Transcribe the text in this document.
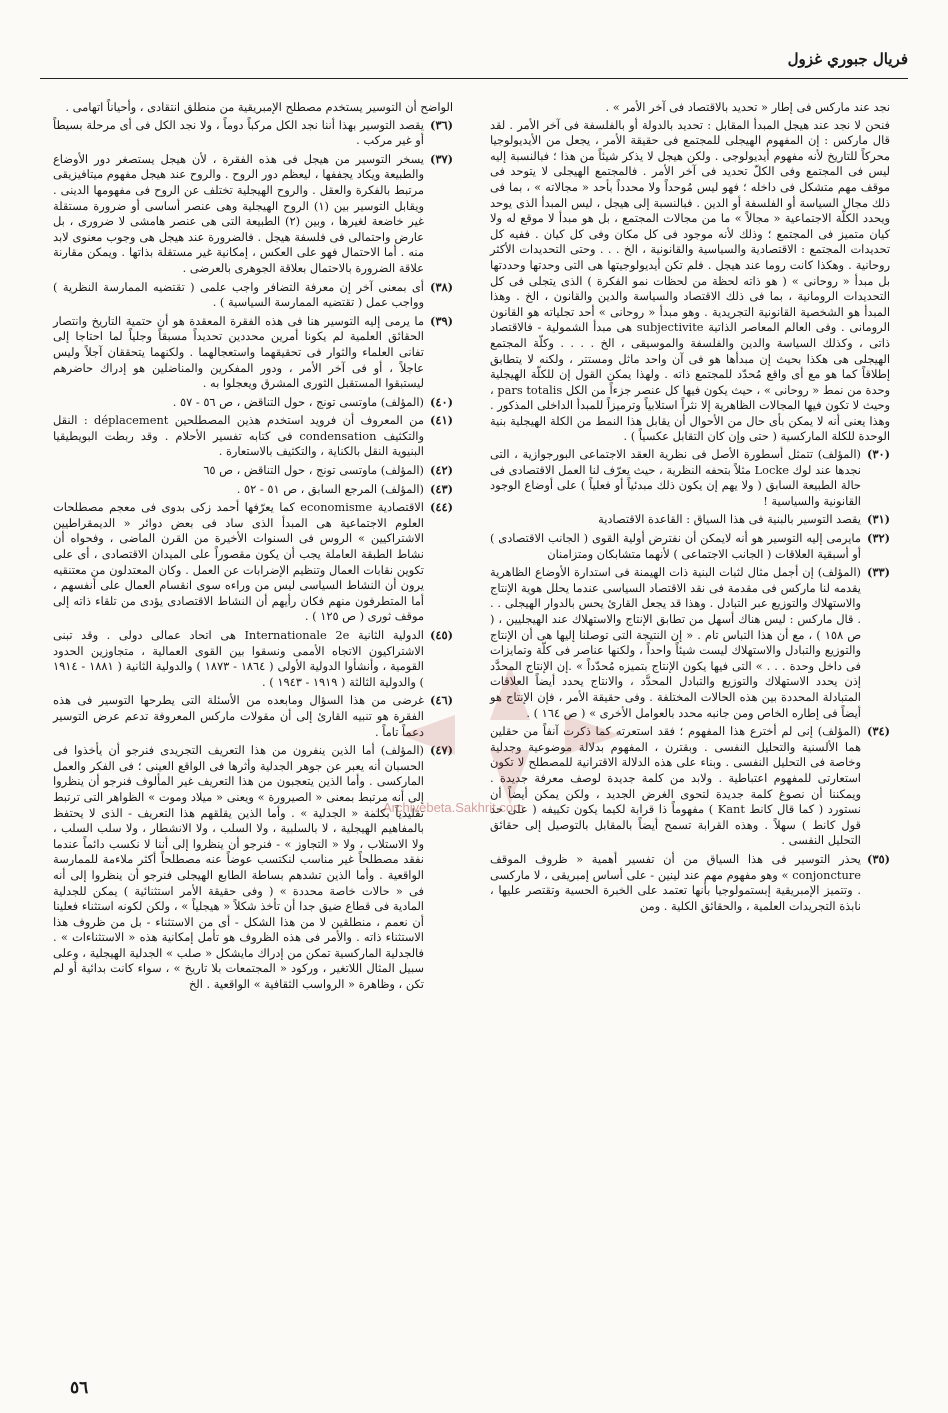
فريال جبوري غزول

نجد عند ماركس فى إطار « تحديد بالاقتصاد فى آخر الأمر » .

فنحن لا نجد عند هيجل المبدأ المقابل : تحديد بالدولة أو بالفلسفة فى آخر الأمر . لقد قال ماركس : إن المفهوم الهيجلى للمجتمع فى حقيقة الأمر ، يجعل من الأيديولوجيا محركاً للتاريخ لأنه مفهوم أيديولوجى . ولكن هيجل لا يذكر شيئاً من هذا ؛ فبالنسبة إليه ليس فى المجتمع وفى الكلّ تحديد فى آخر الأمر . فالمجتمع الهيجلى لا يتوحد فى موقف مهم متشكل فى داخله ؛ فهو ليس مُوحداً ولا محدداً بأحد « مجالاته » ، بما فى ذلك مجال السياسة أو الفلسفة أو الدين . فبالنسبة إلى هيجل ، ليس المبدأ الذى يوحد ويحدد الكلّة الاجتماعية « مجالاً » ما من مجالات المجتمع ، بل هو مبدأ لا موقع له ولا كيان متميز فى المجتمع ؛ وذلك لأنه موجود فى كل مكان وفى كل كيان . ففيه كل تحديدات المجتمع : الاقتصادية والسياسية والقانونية ، الخ . . . وحتى التحديدات الأكثر روحانية . وهكذا كانت روما عند هيجل . فلم تكن أيديولوجيتها هى التى وحدتها وحددتها بل مبدأ « روحانى » ( هو ذاته لحظة من لحظات نمو الفكرة ) الذى يتجلى فى كل التحديدات الرومانية ، بما فى ذلك الاقتصاد والسياسة والدين والقانون ، الخ . وهذا المبدأ هو الشخصية القانونية التجريدية . وهو مبدأ « روحانى » أحد تجلياته هو القانون الرومانى . وفى العالم المعاصر الذاتية subjectivite هى مبدأ الشمولية - فالاقتصاد ذاتى ، وكذلك السياسة والدين والفلسفة والموسيقى ، الخ . . . . وكلّة المجتمع الهيجلى هى هكذا بحيث إن مبدأها هو فى آن واحد ماثل ومستتر ، ولكنه لا يتطابق إطلاقاً كما هو مع أى واقع مُحدّد للمجتمع ذاته . ولهذا يمكن القول إن للكلّة الهيجلية وحدة من نمط « روحانى » ، حيث يكون فيها كل عنصر جزءاً من الكل pars totalis ، وحيث لا تكون فيها المجالات الظاهرية إلا نثراً استلابياً وترميزاً للمبدأ الداخلى المذكور . وهذا يعنى أنه لا يمكن بأى حال من الأحوال أن يقابل هذا النمط من الكلة الهيجلية بنية الوحدة للكلة الماركسية ( حتى وإن كان التقابل عكسياً ) .

(٣٠)
(المؤلف) تتمثل أسطورة الأصل فى نظرية العقد الاجتماعى البورجوازية ، التى نجدها عند لوك Locke مثلاً بتحفه النظرية ، حيث يعرّف لنا العمل الاقتصادى فى حالة الطبيعة السابق ( ولا يهم إن يكون ذلك مبدئياً أو فعلياً ) على أوضاع الوجود القانونية والسياسية !
(٣١)
يقصد التوسير بالبنية فى هذا السياق : القاعدة الاقتصادية
(٣٢)
مايرمى إليه التوسير هو أنه لايمكن أن نفترض أولية القوى ( الجانب الاقتصادى ) أو أسبقية العلاقات ( الجانب الاجتماعى ) لأنهما متشابكان ومتزامنان
(٣٣)
(المؤلف) إن أجمل مثال لثبات البنية ذات الهيمنة فى استدارة الأوضاع الظاهرية يقدمه لنا ماركس فى مقدمة فى نقد الاقتصاد السياسى عندما يحلل هوية الإنتاج والاستهلاك والتوزيع عبر التبادل . وهذا قد يجعل القارئ يحس بالدوار الهيجلى . . . قال ماركس : ليس هناك أسهل من تطابق الإنتاج والاستهلاك عند الهيجليين ، ( ص ١٥٨ ) ، مع أن هذا التباس تام . « إن النتيجة التى توصلنا إليها هى أن الإنتاج والتوزيع والتبادل والاستهلاك ليست شيئاً واحداً ، ولكنها عناصر فى كلّة وتمايزات فى داخل وحدة . . . » التى فيها يكون الإنتاج بتميزه مُحدّداً » .إن الإنتاج المحدَّد إذن يحدد الاستهلاك والتوزيع والتبادل المحدَّد ، والانتاج يحدد أيضاً العلاقات المتبادلة المحددة بين هذه الحالات المختلفة . وفى حقيقة الأمر ، فإن الإنتاج هو أيضاً فى إطاره الخاص ومن جانبه محدد بالعوامل الأخرى » ( ص ١٦٤ ) .
(٣٤)
(المؤلف) إنى لم أخترع هذا المفهوم ؛ فقد استعرته كما ذكرت آنفاً من حقلين هما الألسنية والتحليل النفسى . وبقترن ، المفهوم بدلالة موضوعية وجدلية وخاصة فى التحليل النفسى . وبناء على هذه الدلالة الاقترانية للمصطلح لا تكون استعارتى للمفهوم اعتباطية . ولابد من كلمة جديدة لوصف معرفة جديدة . ويمكننا أن نصوغ كلمة جديدة لتحوى الغرض الجديد ، ولكن يمكن أيضاً أن نستورد ( كما قال كانط Kant ) مفهوماً ذا قرابة لكيما يكون تكييفه ( على حد قول كانط ) سهلاً . وهذه القرابة تسمح أيضاً بالمقابل بالتوصيل إلى حقائق التحليل النفسى .
(٣٥)
يحذر التوسير فى هذا السياق من أن تفسير أهمية « ظروف الموقف conjoncture » وهو مفهوم مهم عند لينين - على أساس إمبريقى ، لا ماركسى . وتتميز الإمبريقية إبستمولوجيا بأنها تعتمد على الخبرة الحسية وتقتصر عليها ، نابذة التجريدات العلمية ، والحقائق الكلية . ومن

الواضح أن التوسير يستخدم مصطلح الإمبريقية من منطلق انتقادى ، وأحياناً اتهامى .

(٣٦)
يقصد التوسير بهذا أننا نجد الكل مركباً دوماً ، ولا نجد الكل فى أى مرحلة بسيطاً أو غير مركب .
(٣٧)
يسخر التوسير من هيجل فى هذه الفقرة ، لأن هيجل يستصغر دور الأوضاع والطبيعة ويكاد يجففها ، ليعظم دور الروح . والروح عند هيجل مفهوم ميتافيزيقى مرتبط بالفكرة والعقل . والروح الهيجلية تختلف عن الروح فى مفهومها الدينى . ويقابل التوسير بين (١) الروح الهيجلية وهى عنصر أساسى أو ضرورة مستقلة غير خاضعة لغيرها ، وبين (٢) الطبيعة التى هى عنصر هامشى لا ضرورى ، بل عارض واحتمالى فى فلسفة هيجل . فالضرورة عند هيجل هى وجوب معنوى لابد منه . أما الاحتمال فهو على العكس ، إمكانية غير مستقلة بذاتها . ويمكن مقارنة علاقة الضرورة بالاحتمال بعلاقة الجوهرى بالعرضى .
(٣٨)
أى بمعنى آخر إن معرفة التضافر واجب علمى ( تقتضيه الممارسة النظرية ) وواجب عمل ( تقتضيه الممارسة السياسية ) .
(٣٩)
ما يرمى إليه التوسير هنا فى هذه الفقرة المعقدة هو أن حتمية التاريخ وانتصار الحقائق العلمية لم يكونا أمرين محددين تحديداً مسبقاً وجلياً لما احتاجا إلى تفانى العلماء والثوار فى تحقيقهما واستعجالهما . ولكنهما يتحققان آجلاً وليس عاجلاً ، أو فى آخر الأمر ، ودور المفكرين والمناضلين هو إدراك حاضرهم ليستبقوا المستقبل الثورى المشرق ويعجلوا به .
(٤٠)
(المؤلف) ماوتسى تونج ، حول التناقض ، ص ٥٦ - ٥٧ .
(٤١)
من المعروف أن فرويد استخدم هذين المصطلحين déplacement : النقل والتكثيف condensation فى كتابه تفسير الأحلام . وقد ربطت البويطيقيا البنيوية النقل بالكناية ، والتكثيف بالاستعارة .
(٤٢)
(المؤلف) ماوتسى تونج ، حول التناقض ، ص ٦٥
(٤٣)
(المؤلف) المرجع السابق ، ص ٥١ - ٥٢ .
(٤٤)
الاقتصادية economisme كما يعرّفها أحمد زكى بدوى فى معجم مصطلحات العلوم الاجتماعية هى المبدأ الذى ساد فى بعض دوائر « الديمقراطيين الاشتراكيين » الروس فى السنوات الأخيرة من القرن الماضى ، وفحواه أن نشاط الطبقة العاملة يجب أن يكون مقصوراً على الميدان الاقتصادى ، أى على تكوين نقابات العمال وتنظيم الإضرابات عن العمل . وكان المعتدلون من معتنقيه يرون أن النشاط السياسى ليس من وراءه سوى انقسام العمال على أنفسهم ، أما المتطرفون منهم فكان رأيهم أن النشاط الاقتصادى يؤدى من تلقاء ذاته إلى موقف ثورى ( ص ١٢٥ ) .
(٤٥)
الدولية الثانية Internationale 2e هى اتحاد عمالى دولى . وقد تبنى الاشتراكيون الاتجاه الأممى ونسقوا بين القوى العمالية ، متجاوزين الحدود القومية ، وأنشأوا الدولية الأولى ( ١٨٦٤ - ١٨٧٣ ) والدولية الثانية ( ١٨٨١ - ١٩١٤ ) والدولية الثالثة ( ١٩١٩ - ١٩٤٣ ) .
(٤٦)
غرضى من هذا السؤال ومابعده من الأسئلة التى يطرحها التوسير فى هذه الفقرة هو تنبيه القارئ إلى أن مقولات ماركس المعروفة تدعم عرض التوسير دعماً تاماً .
(٤٧)
(المؤلف) أما الذين ينفرون من هذا التعريف التجريدى فنرجو أن يأخذوا فى الحسبان أنه يعبر عن جوهر الجدلية وأثرها فى الواقع العينى ؛ فى الفكر والعمل الماركسى . وأما الذين يتعجبون من هذا التعريف غير المألوف فنرجو أن ينظروا إلى أنه مرتبط بمعنى « الصيرورة » ويعنى « ميلاد وموت » الظواهر التى ترتبط تقليدياً بكلمة « الجدلية » . وأما الذين يقلقهم هذا التعريف - الذى لا يحتفظ بالمفاهيم الهيجلية ، لا بالسلبية ، ولا السلب ، ولا الانشطار ، ولا سلب السلب ، ولا الاستلاب ، ولا « التجاوز » - فنرجو أن ينظروا إلى أننا لا نكسب دائماً عندما نفقد مصطلحاً غير مناسب لنكتسب عوضاً عنه مصطلحاً أكثر ملاءمة للممارسة الواقعية . وأما الذين تشدهم بساطة الطابع الهيجلى فنرجو أن ينظروا إلى أنه فى « حالات خاصة محددة » ( وفى حقيقة الأمر استثنائية ) يمكن للجدلية المادية فى قطاع ضيق جدا أن تأخذ شكلاً « هيجلياً » ، ولكن لكونه استثناء فعلينا أن نعمم ، منطلقين لا من هذا الشكل - أى من الاستثناء - بل من ظروف هذا الاستثناء ذاته . والأمر فى هذه الظروف هو تأمل إمكانية هذه « الاستثناءات » . فالجدلية الماركسية تمكن من إدراك مايشكل « صلب » الجدلية الهيجلية ، وعلى سبيل المثال اللاتغير ، وركود « المجتمعات بلا تاريخ » ، سواء كانت بدائية أو لم تكن ، وظاهرة « الرواسب الثقافية » الواقعية . الخ
…Archivebeta.Sakhrit.com
٥٦
